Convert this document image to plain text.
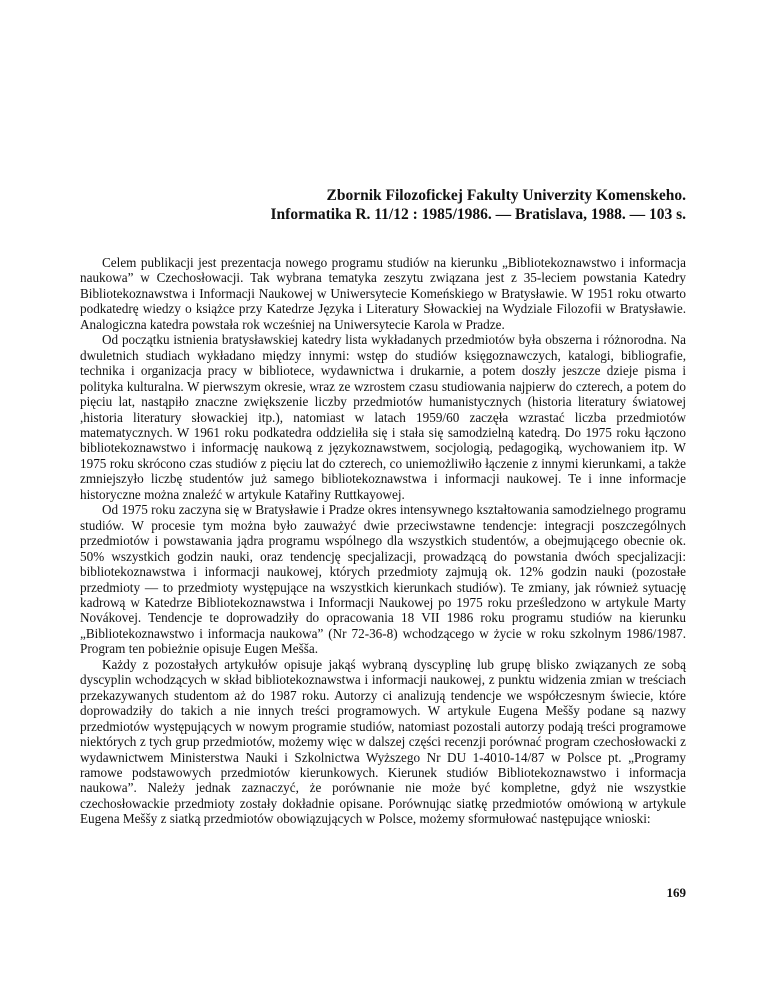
Zbornik Filozofickej Fakulty Univerzity Komenskeho.
Informatika R. 11/12 : 1985/1986. — Bratislava, 1988. — 103 s.

Celem publikacji jest prezentacja nowego programu studiów na kierunku „Bibliotekoznawstwo i informacja naukowa” w Czechosłowacji. Tak wybrana tematyka zeszytu związana jest z 35-leciem powstania Katedry Bibliotekoznawstwa i Informacji Naukowej w Uniwersytecie Komeńskiego w Bratysławie. W 1951 roku otwarto podkatedrę wiedzy o książce przy Katedrze Języka i Literatury Słowackiej na Wydziale Filozofii w Bratysławie. Analogiczna katedra powstała rok wcześniej na Uniwersytecie Karola w Pradze.

Od początku istnienia bratysławskiej katedry lista wykładanych przedmiotów była obszerna i różnorodna. Na dwuletnich studiach wykładano między innymi: wstęp do studiów księgoznawczych, katalogi, bibliografie, technika i organizacja pracy w bibliotece, wydawnictwa i drukarnie, a potem doszły jeszcze dzieje pisma i polityka kulturalna. W pierwszym okresie, wraz ze wzrostem czasu studiowania najpierw do czterech, a potem do pięciu lat, nastąpiło znaczne zwiększenie liczby przedmiotów humanistycznych (historia literatury światowej ,historia literatury słowackiej itp.), natomiast w latach 1959/60 zaczęła wzrastać liczba przedmiotów matematycznych. W 1961 roku podkatedra oddzieliła się i stała się samodzielną katedrą. Do 1975 roku łączono bibliotekoznawstwo i informację naukową z językoznawstwem, socjologią, pedagogiką, wychowaniem itp. W 1975 roku skrócono czas studiów z pięciu lat do czterech, co uniemożliwiło łączenie z innymi kierunkami, a także zmniejszyło liczbę studentów już samego bibliotekoznawstwa i informacji naukowej. Te i inne informacje historyczne można znaleźć w artykule Katařiny Ruttkayowej.

Od 1975 roku zaczyna się w Bratysławie i Pradze okres intensywnego kształtowania samodzielnego programu studiów. W procesie tym można było zauważyć dwie przeciwstawne tendencje: integracji poszczególnych przedmiotów i powstawania jądra programu wspólnego dla wszystkich studentów, a obejmującego obecnie ok. 50% wszystkich godzin nauki, oraz tendencję specjalizacji, prowadzącą do powstania dwóch specjalizacji: bibliotekoznawstwa i informacji naukowej, których przedmioty zajmują ok. 12% godzin nauki (pozostałe przedmioty — to przedmioty występujące na wszystkich kierunkach studiów). Te zmiany, jak również sytuację kadrową w Katedrze Bibliotekoznawstwa i Informacji Naukowej po 1975 roku prześledzono w artykule Marty Novákovej. Tendencje te doprowadziły do opracowania 18 VII 1986 roku programu studiów na kierunku „Bibliotekoznawstwo i informacja naukowa” (Nr 72-36-8) wchodzącego w życie w roku szkolnym 1986/1987. Program ten pobieżnie opisuje Eugen Meššа.

Każdy z pozostałych artykułów opisuje jakąś wybraną dyscyplinę lub grupę blisko związanych ze sobą dyscyplin wchodzących w skład bibliotekoznawstwa i informacji naukowej, z punktu widzenia zmian w treściach przekazywanych studentom aż do 1987 roku. Autorzy ci analizują tendencje we współczesnym świecie, które doprowadziły do takich a nie innych treści programowych. W artykule Eugena Meššy podane są nazwy przedmiotów występujących w nowym programie studiów, natomiast pozostali autorzy podają treści programowe niektórych z tych grup przedmiotów, możemy więc w dalszej części recenzji porównać program czechosłowacki z wydawnictwem Ministerstwa Nauki i Szkolnictwa Wyższego Nr DU 1-4010-14/87 w Polsce pt. „Programy ramowe podstawowych przedmiotów kierunkowych. Kierunek studiów Bibliotekoznawstwo i informacja naukowa”. Należy jednak zaznaczyć, że porównanie nie może być kompletne, gdyż nie wszystkie czechosłowackie przedmioty zostały dokładnie opisane. Porównując siatkę przedmiotów omówioną w artykule Eugena Meššy z siatką przedmiotów obowiązujących w Polsce, możemy sformułować następujące wnioski:

169
